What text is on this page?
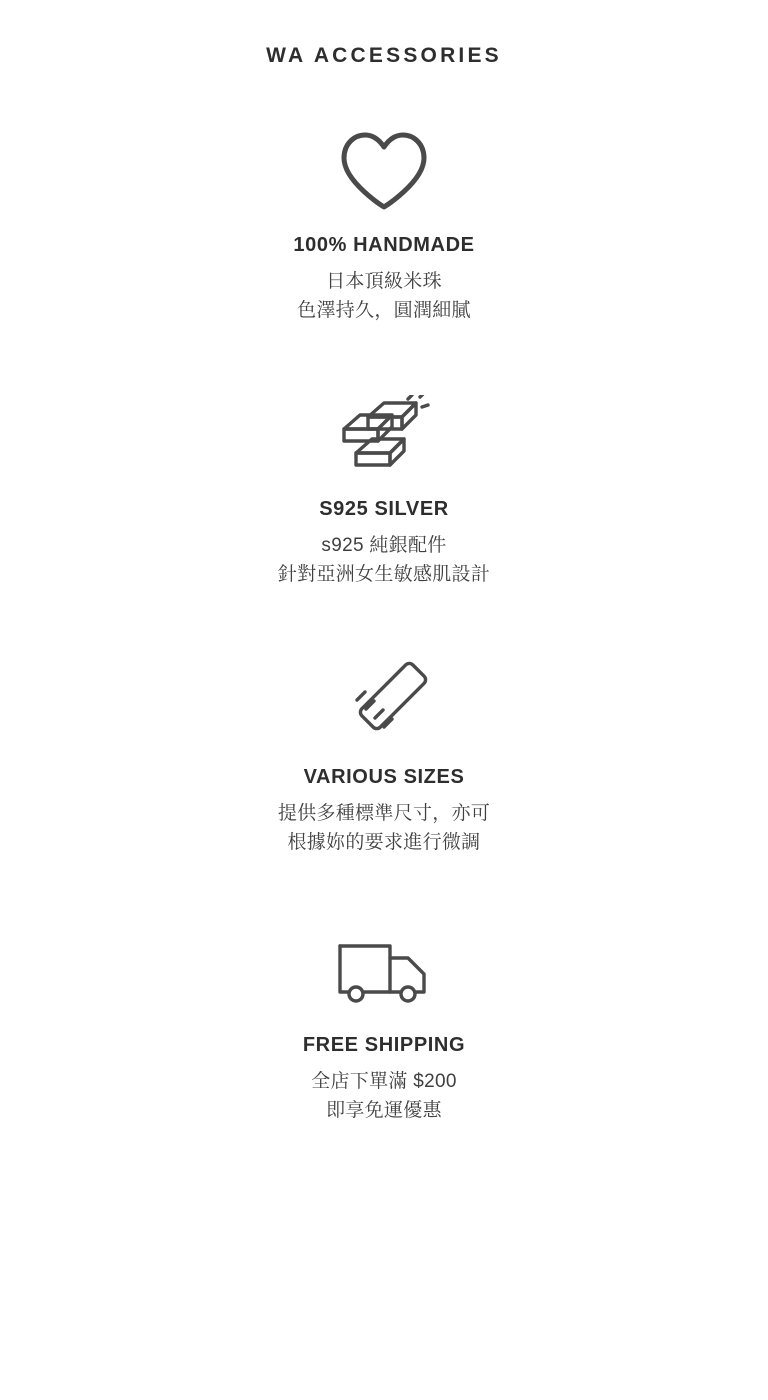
WA ACCESSORIES
100% HANDMADE
日本頂級米珠
色澤持久，圓潤細膩
S925 SILVER
s925 純銀配件
針對亞洲女生敏感肌設計
VARIOUS SIZES
提供多種標準尺寸，亦可
根據妳的要求進行微調
FREE SHIPPING
全店下單滿 $200
即享免運優惠
